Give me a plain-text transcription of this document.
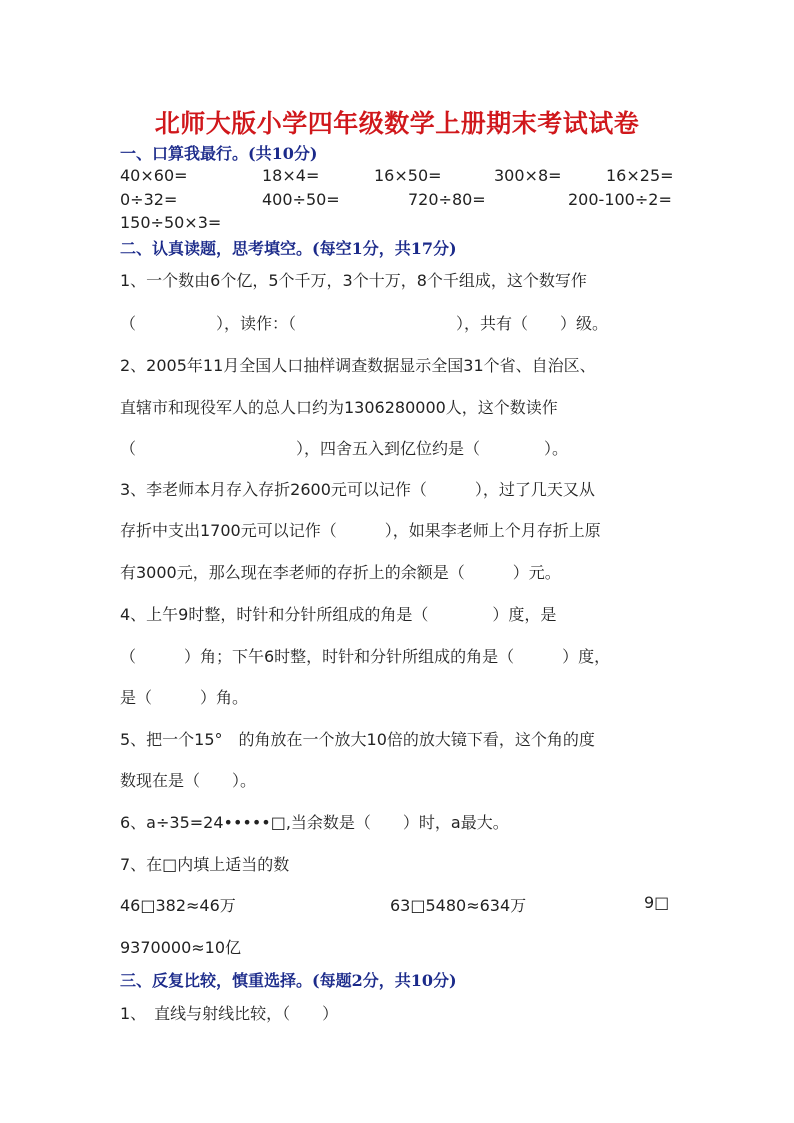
北师大版小学四年级数学上册期末考试试卷
一、口算我最行。(共10分)
40×60=	18×4=	16×50=	300×8=	16×25=
0÷32=	400÷50=	720÷80=	200-100÷2=
150÷50×3=
二、认真读题，思考填空。(每空1分，共17分)
1、一个数由6个亿，5个千万，3个十万，8个千组成，这个数写作
（　　　　　），读作：（　　　　　　　　　　），共有（　　）级。
2、2005年11月全国人口抽样调查数据显示全国31个省、自治区、
直辖市和现役军人的总人口约为130628000​0人，这个数读作
（　　　　　　　　　　），四舍五入到亿位约是（　　　　）。
3、李老师本月存入存折2600元可以记作（　　　），过了几天又从
存折中支出1700元可以记作（　　　），如果李老师上个月存折上原
有3000元，那么现在李老师的存折上的余额是（　　　）元。
4、上午9时整，时针和分针所组成的角是（　　　　）度，是
（　　　）角；下午6时整，时针和分针所组成的角是（　　　）度，
是（　　　）角。
5、把一个15°　的角放在一个放大10倍的放大镜下看，这个角的度
数现在是（　　）。
6、a÷35=24•••••□,当余数是（　　）时，a最大。
7、在□内填上适当的数
46□382≈46万	63□5480≈634万	9□
9370000≈10亿
三、反复比较，慎重选择。(每题2分，共10分)
1、　直线与射线比较，（　　）
